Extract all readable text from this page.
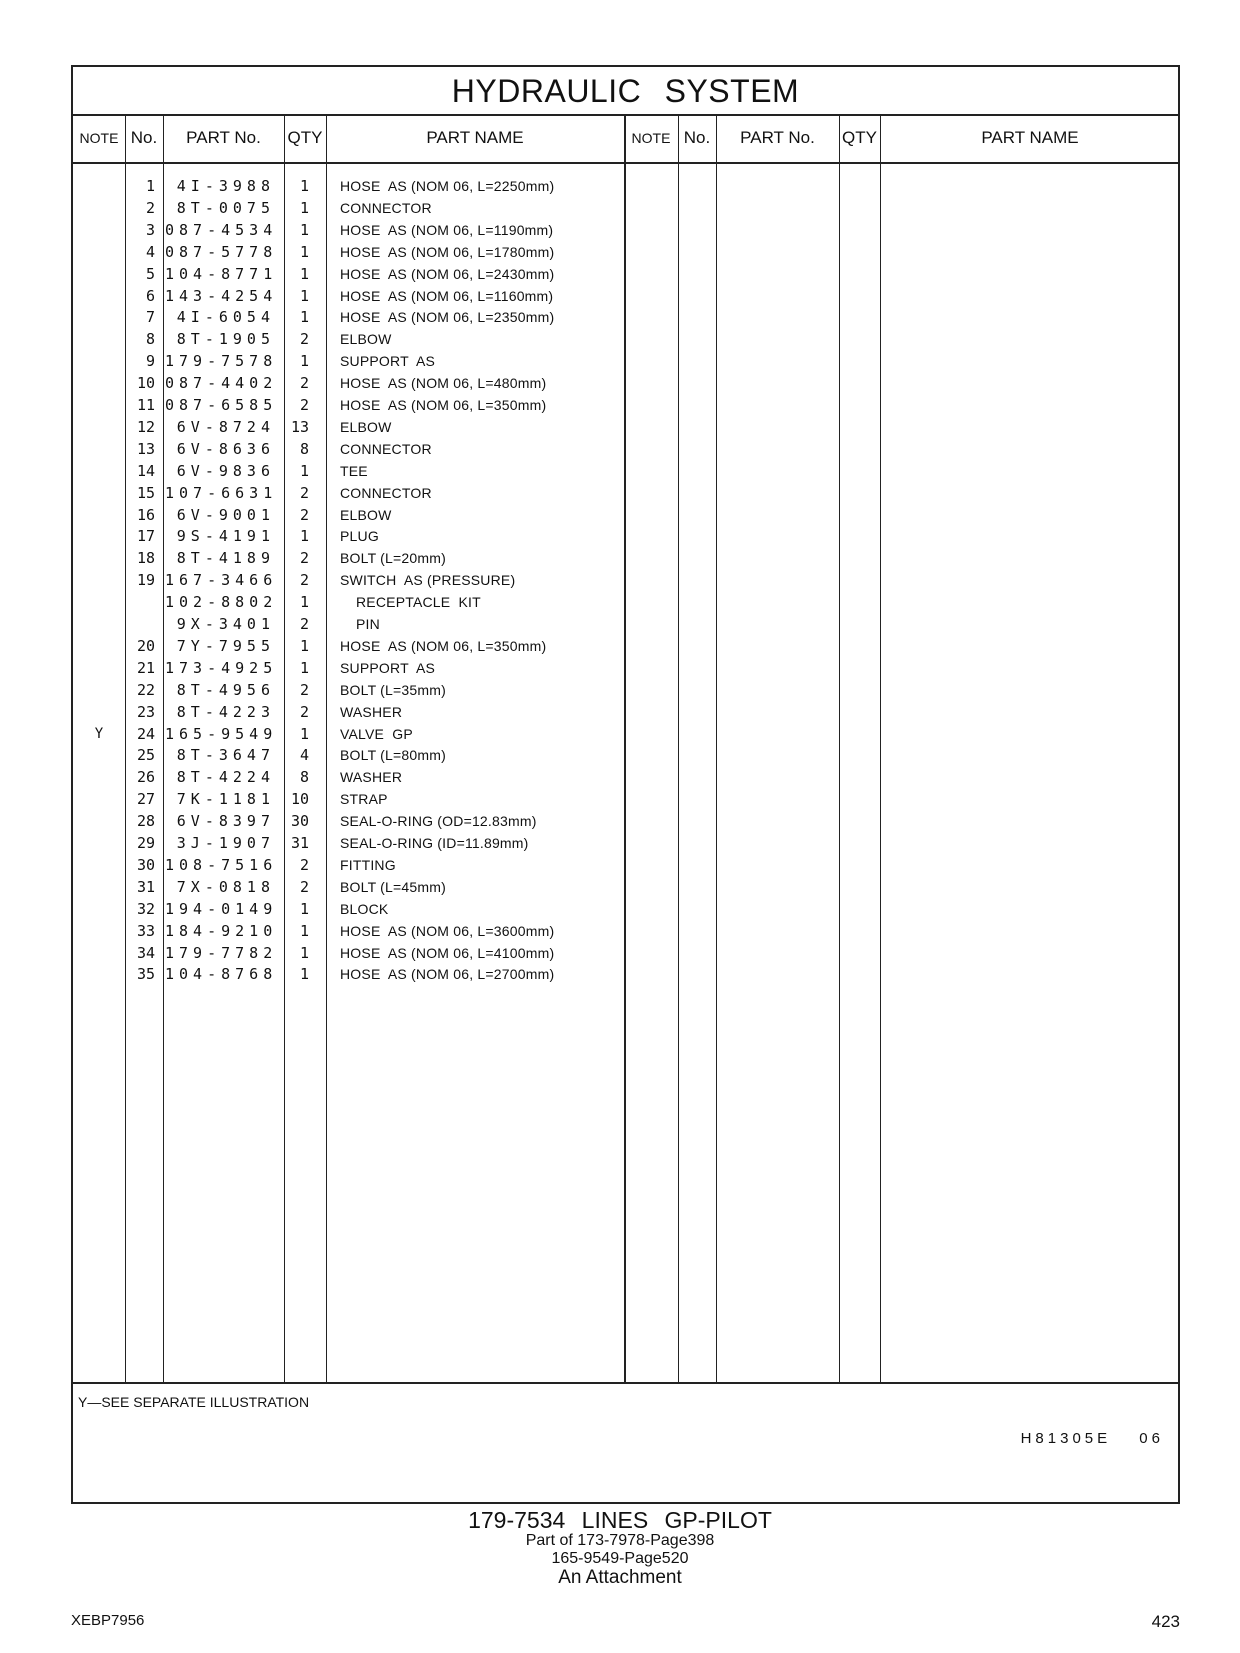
HYDRAULIC SYSTEM
NOTE No.	PART No.	QTY	PART NAME	NOTE No.	PART No.	QTY	PART NAME
1	4I-3988	1 HOSE  AS (NOM 06, L=2250mm)
2	8T-0075	1 CONNECTOR
3 087-4534	1 HOSE  AS (NOM 06, L=1190mm)
4 087-5778	1 HOSE  AS (NOM 06, L=1780mm)
5 104-8771	1 HOSE  AS (NOM 06, L=2430mm)
6 143-4254	1 HOSE  AS (NOM 06, L=1160mm)
7	4I-6054	1 HOSE  AS (NOM 06, L=2350mm)
8	8T-1905	2 ELBOW
9 179-7578	1 SUPPORT  AS
10 087-4402	2 HOSE  AS (NOM 06, L=480mm)
11 087-6585	2 HOSE  AS (NOM 06, L=350mm)
12	6V-8724	13 ELBOW
13	6V-8636	8 CONNECTOR
14	6V-9836	1 TEE
15 107-6631	2 CONNECTOR
16	6V-9001	2 ELBOW
17	9S-4191	1 PLUG
18	8T-4189	2 BOLT (L=20mm)
19 167-3466	2 SWITCH  AS (PRESSURE)
102-8802	1	RECEPTACLE  KIT
9X-3401	2	PIN
20	7Y-7955	1 HOSE  AS (NOM 06, L=350mm)
21 173-4925	1 SUPPORT  AS
22	8T-4956	2 BOLT (L=35mm)
23	8T-4223	2 WASHER
Y	24 165-9549	1 VALVE  GP
25	8T-3647	4 BOLT (L=80mm)
26	8T-4224	8 WASHER
27	7K-1181	10 STRAP
28	6V-8397	30 SEAL-O-RING (OD=12.83mm)
29	3J-1907	31 SEAL-O-RING (ID=11.89mm)
30 108-7516	2 FITTING
31	7X-0818	2 BOLT (L=45mm)
32 194-0149	1 BLOCK
33 184-9210	1 HOSE  AS (NOM 06, L=3600mm)
34 179-7782	1 HOSE  AS (NOM 06, L=4100mm)
35 104-8768	1 HOSE  AS (NOM 06, L=2700mm)
Y—SEE SEPARATE ILLUSTRATION
H81305E 06
179-7534 LINES GP-PILOT
Part of 173-7978-Page398
165-9549-Page520
An Attachment
XEBP7956	423
